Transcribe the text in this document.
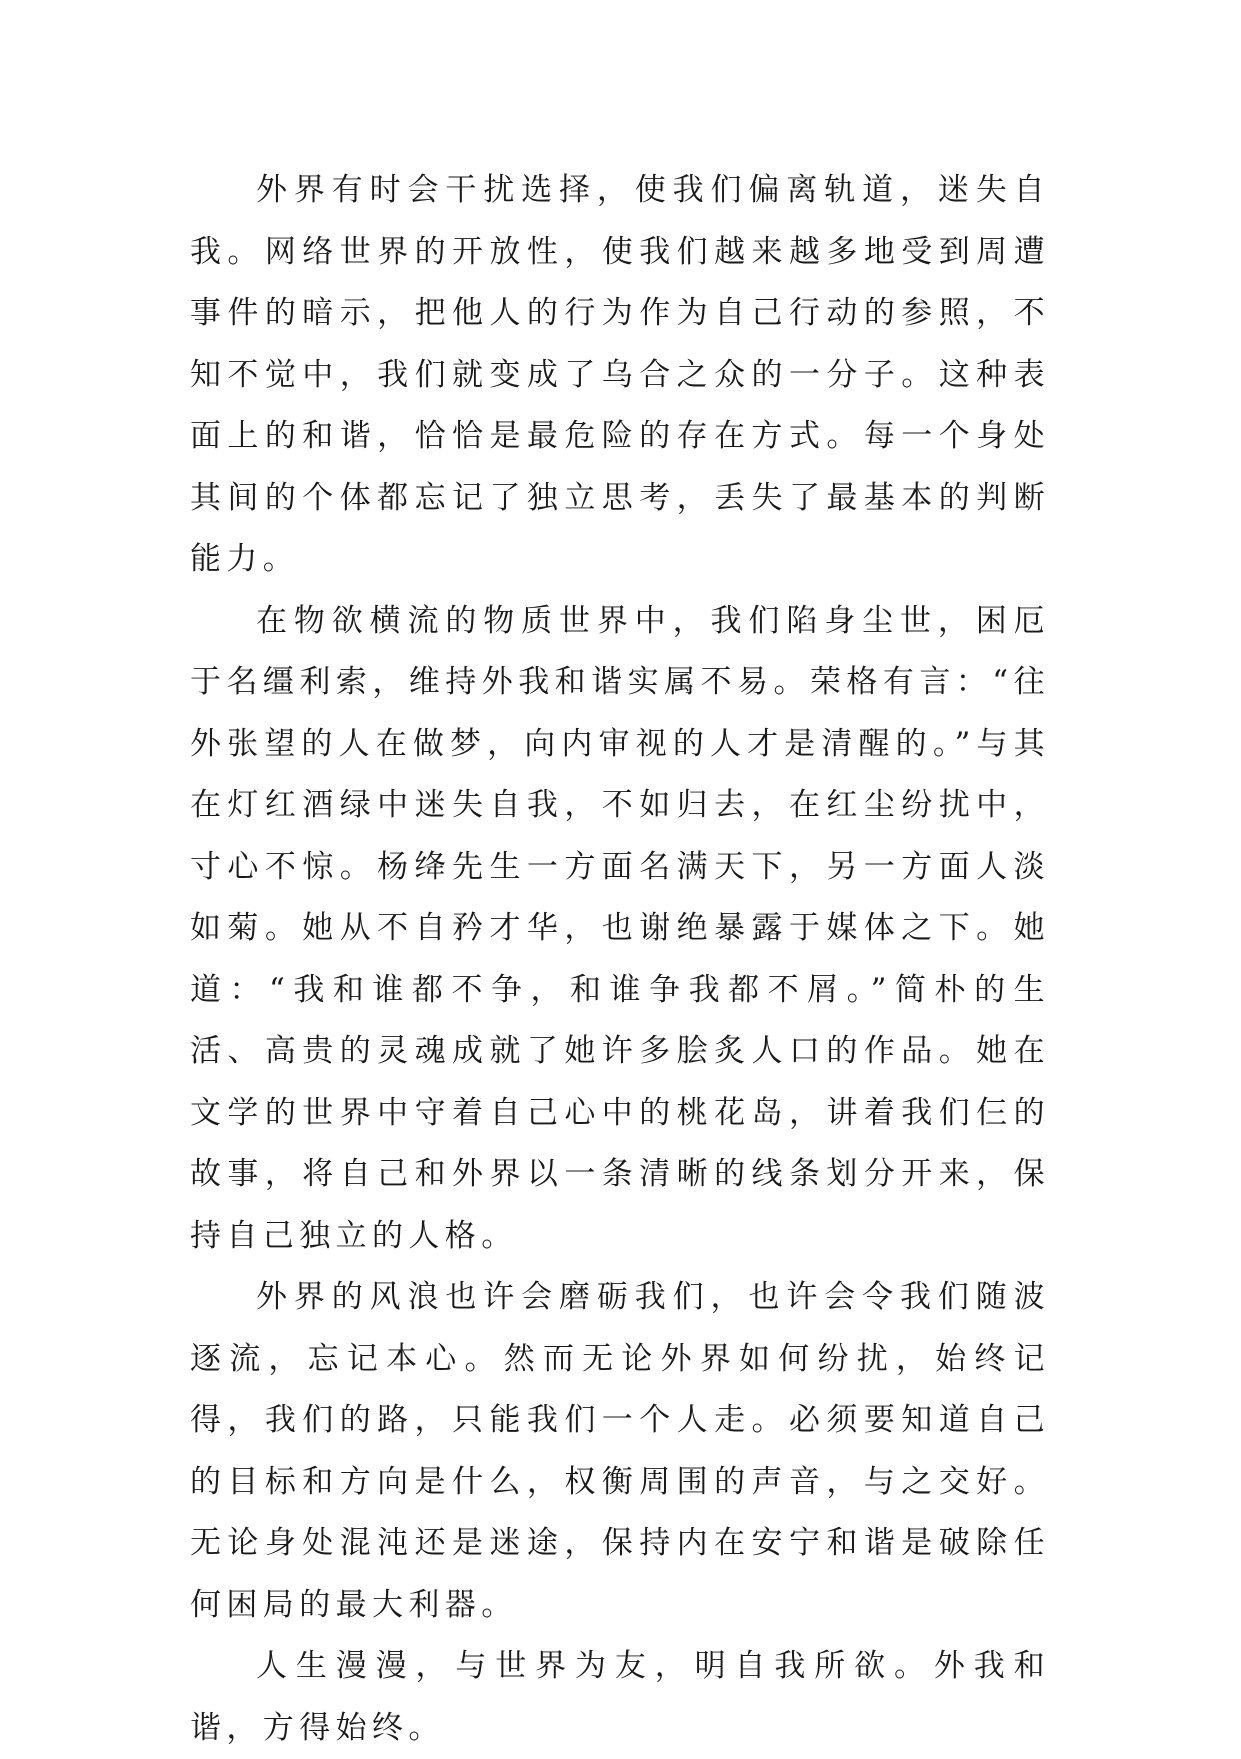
外界有时会干扰选择，使我们偏离轨道，迷失自我。网络世界的开放性，使我们越来越多地受到周遭事件的暗示，把他人的行为作为自己行动的参照，不知不觉中，我们就变成了乌合之众的一分子。这种表面上的和谐，恰恰是最危险的存在方式。每一个身处其间的个体都忘记了独立思考，丢失了最基本的判断能力。

在物欲横流的物质世界中，我们陷身尘世，困厄于名缰利索，维持外我和谐实属不易。荣格有言：“往外张望的人在做梦，向内审视的人才是清醒的。”与其在灯红酒绿中迷失自我，不如归去，在红尘纷扰中，寸心不惊。杨绛先生一方面名满天下，另一方面人淡如菊。她从不自矜才华，也谢绝暴露于媒体之下。她道：“我和谁都不争，和谁争我都不屑。”简朴的生活、高贵的灵魂成就了她许多脍炙人口的作品。她在文学的世界中守着自己心中的桃花岛，讲着我们仨的故事，将自己和外界以一条清晰的线条划分开来，保持自己独立的人格。

外界的风浪也许会磨砺我们，也许会令我们随波逐流，忘记本心。然而无论外界如何纷扰，始终记得，我们的路，只能我们一个人走。必须要知道自己的目标和方向是什么，权衡周围的声音，与之交好。无论身处混沌还是迷途，保持内在安宁和谐是破除任何困局的最大利器。

人生漫漫，与世界为友，明自我所欲。外我和谐，方得始终。
